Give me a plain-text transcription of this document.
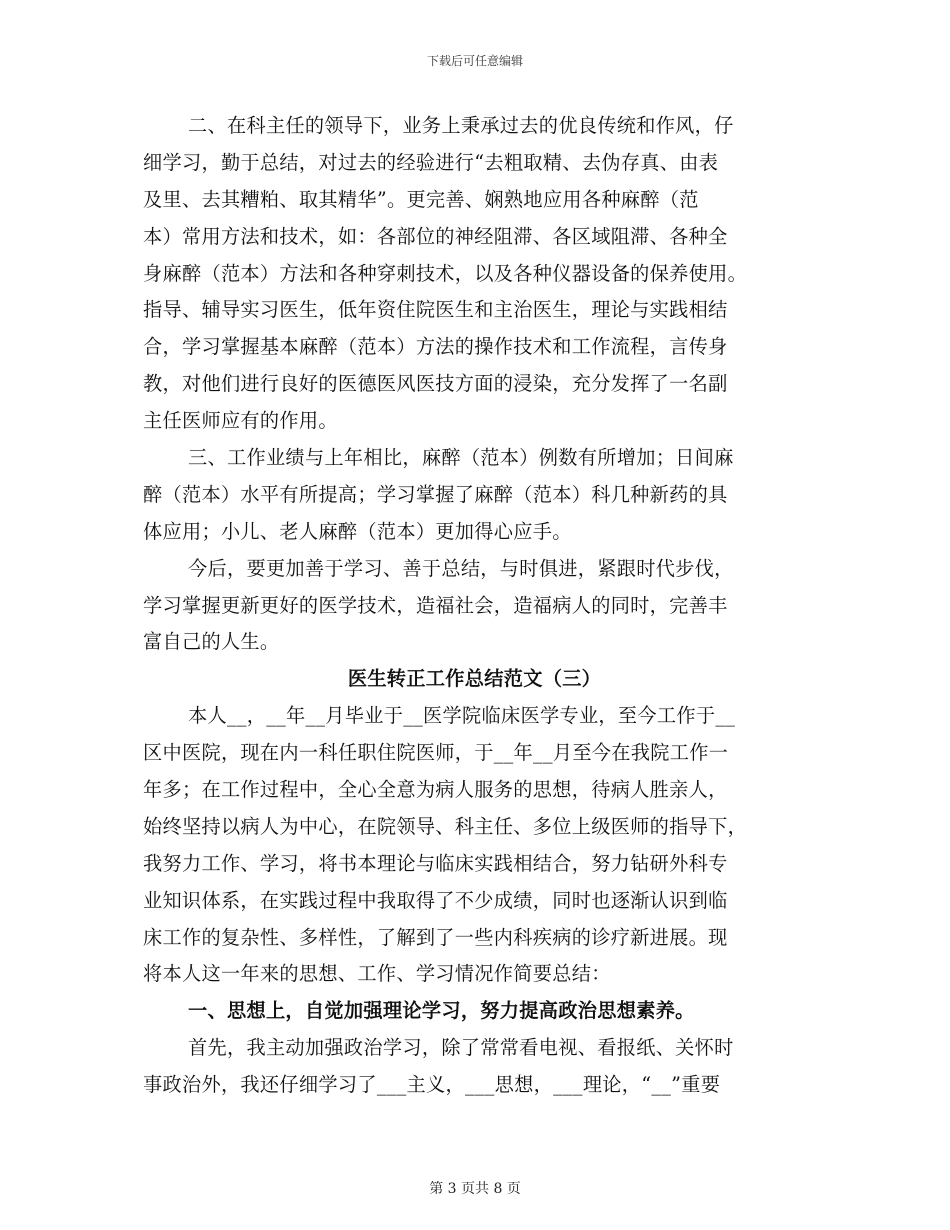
下载后可任意编辑
二、在科主任的领导下，业务上秉承过去的优良传统和作风，仔
细学习，勤于总结，对过去的经验进行“去粗取精、去伪存真、由表
及里、去其糟粕、取其精华”。更完善、娴熟地应用各种麻醉（范
本）常用方法和技术，如：各部位的神经阻滞、各区域阻滞、各种全
身麻醉（范本）方法和各种穿刺技术，以及各种仪器设备的保养使用。
指导、辅导实习医生，低年资住院医生和主治医生，理论与实践相结
合，学习掌握基本麻醉（范本）方法的操作技术和工作流程，言传身
教，对他们进行良好的医德医风医技方面的浸染，充分发挥了一名副
主任医师应有的作用。
三、工作业绩与上年相比，麻醉（范本）例数有所增加；日间麻
醉（范本）水平有所提高；学习掌握了麻醉（范本）科几种新药的具
体应用；小儿、老人麻醉（范本）更加得心应手。
今后，要更加善于学习、善于总结，与时俱进，紧跟时代步伐，
学习掌握更新更好的医学技术，造福社会，造福病人的同时，完善丰
富自己的人生。
医生转正工作总结范文（三）
本人__，__年__月毕业于__医学院临床医学专业，至今工作于__
区中医院，现在内一科任职住院医师，于__年__月至今在我院工作一
年多；在工作过程中，全心全意为病人服务的思想，待病人胜亲人，
始终坚持以病人为中心，在院领导、科主任、多位上级医师的指导下，
我努力工作、学习，将书本理论与临床实践相结合，努力钻研外科专
业知识体系，在实践过程中我取得了不少成绩，同时也逐渐认识到临
床工作的复杂性、多样性，了解到了一些内科疾病的诊疗新进展。现
将本人这一年来的思想、工作、学习情况作简要总结：
一、思想上，自觉加强理论学习，努力提高政治思想素养。
首先，我主动加强政治学习，除了常常看电视、看报纸、关怀时
事政治外，我还仔细学习了___主义，___思想，___理论，“__”重要
第 3 页共 8 页
